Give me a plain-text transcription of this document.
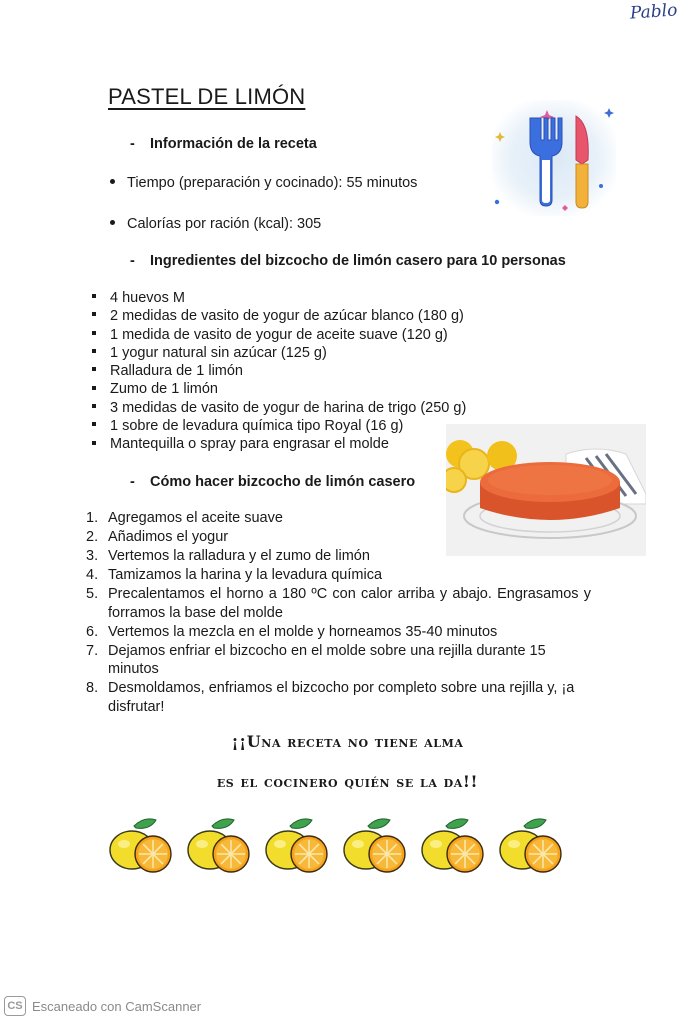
Pablo
PASTEL DE LIMÓN
- Información de la receta
Tiempo (preparación y cocinado): 55 minutos
Calorías por ración (kcal): 305
- Ingredientes del bizcocho de limón casero para 10 personas
4 huevos M
2 medidas de vasito de yogur de azúcar blanco (180 g)
1 medida de vasito de yogur de aceite suave (120 g)
1 yogur natural sin azúcar (125 g)
Ralladura de 1 limón
Zumo de 1 limón
3 medidas de vasito de yogur de harina de trigo (250 g)
1 sobre de levadura química tipo Royal (16 g)
Mantequilla o spray para engrasar el molde
- Cómo hacer bizcocho de limón casero
1. Agregamos el aceite suave
2. Añadimos el yogur
3. Vertemos la ralladura y el zumo de limón
4. Tamizamos la harina y la levadura química
5. Precalentamos el horno a 180 ºC con calor arriba y abajo. Engrasamos y forramos la base del molde
6. Vertemos la mezcla en el molde y horneamos 35-40 minutos
7. Dejamos enfriar el bizcocho en el molde sobre una rejilla durante 15 minutos
8. Desmoldamos, enfriamos el bizcocho por completo sobre una rejilla y, ¡a disfrutar!
¡¡Una receta no tiene alma
es el cocinero quién se la da!!
CS Escaneado con CamScanner
